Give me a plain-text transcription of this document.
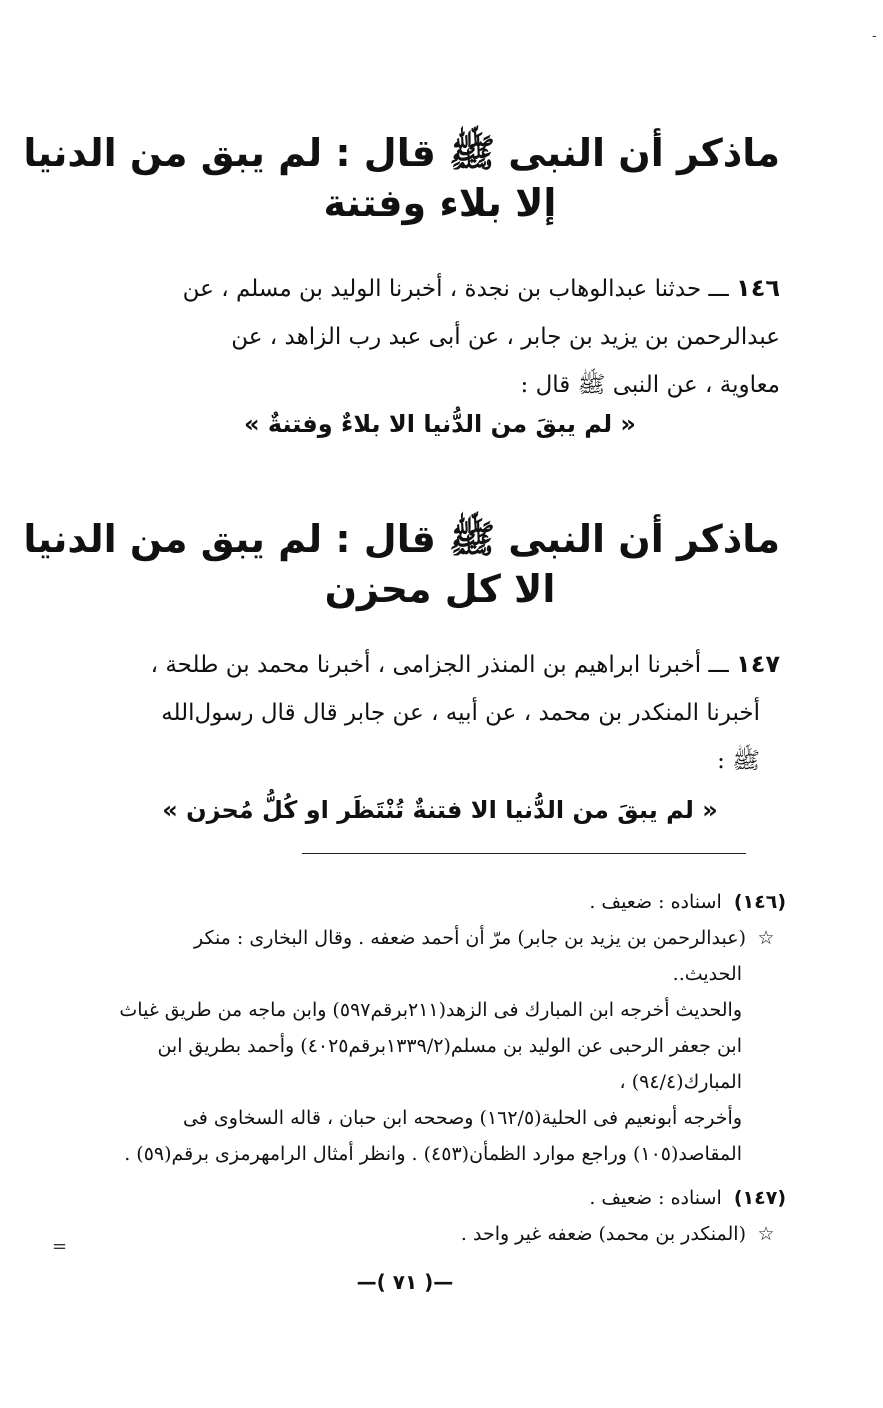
-
ماذكر أن النبى ﷺ قال : لم يبق من الدنيا
إلا بلاء وفتنة
١٤٦ ـــ حدثنا عبدالوهاب بن نجدة ، أخبرنا الوليد بن مسلم ، عن
عبدالرحمن بن يزيد بن جابر ، عن أبى عبد رب الزاهد ، عن
معاوية ، عن النبى ﷺ قال :
« لم يبقَ من الدُّنيا الا بلاءٌ وفتنةٌ »
ماذكر أن النبى ﷺ قال : لم يبق من الدنيا
الا كل محزن
١٤٧ ـــ أخبرنا ابراهيم بن المنذر الجزامى ، أخبرنا محمد بن طلحة ،
أخبرنا المنكدر بن محمد ، عن أبيه ، عن جابر قال قال رسول‌الله
ﷺ :
« لم يبقَ من الدُّنيا الا فتنةٌ تُنْتَظَر او كُلُّ مُحزن »
(١٤٦)  اسناده : ضعيف .
☆(عبدالرحمن بن يزيد بن جابر) مرّ أن أحمد ضعفه . وقال البخارى : منكر
الحديث..
والحديث أخرجه ابن المبارك فى الزهد(٢١١برقم٥٩٧) وابن ماجه من طريق غياث
ابن جعفر الرحبى عن الوليد بن مسلم(١٣٣٩/٢برقم٤٠٢٥) وأحمد بطريق ابن
المبارك(٩٤/٤) ،
وأخرجه أبونعيم فى الحلية(١٦٢/٥) وصححه ابن حبان ، قاله السخاوى فى
المقاصد(١٠٥) وراجع موارد الظمأن(٤٥٣) . وانظر أمثال الرامهرمزى برقم(٥٩) .
(١٤٧)  اسناده : ضعيف .
☆(المنكدر بن محمد) ضعفه غير واحد .
=
—( ٧١ )—
